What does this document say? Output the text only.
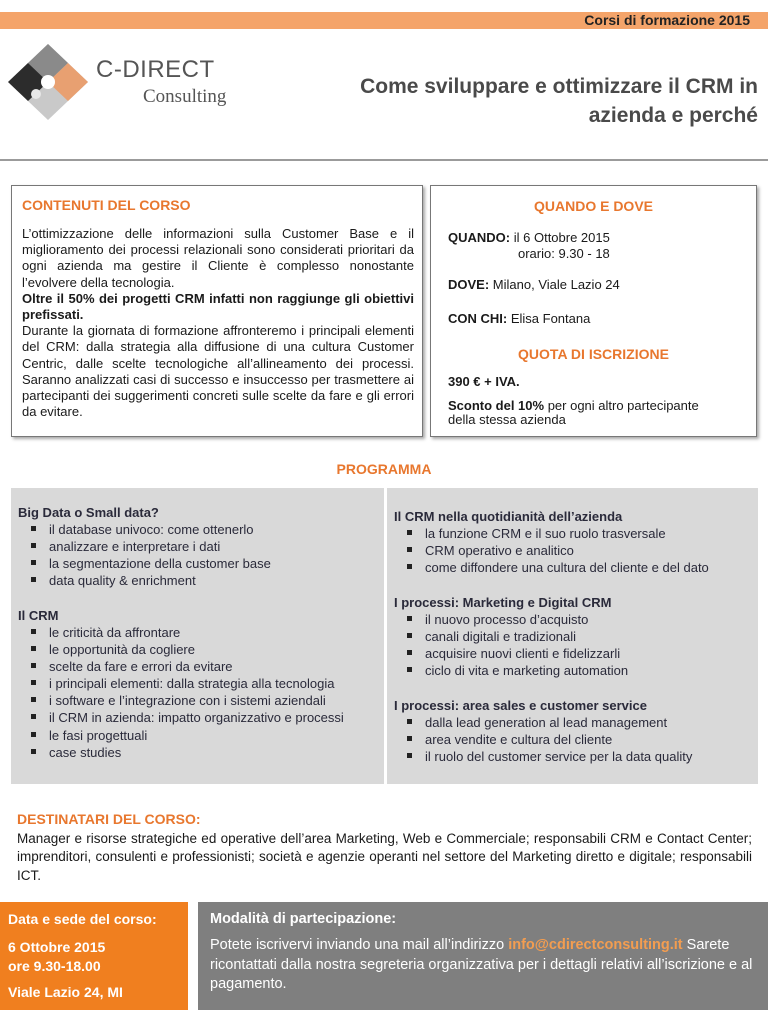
Corsi di formazione 2015
C-DIRECT
Consulting	Come sviluppare e ottimizzare il CRM in
azienda e perché
CONTENUTI DEL CORSO

L’ottimizzazione delle informazioni sulla Customer Base e il miglioramento dei processi relazionali sono considerati prioritari da ogni azienda ma gestire il Cliente è complesso nonostante l’evolvere della tecnologia.

Oltre il 50% dei progetti CRM infatti non raggiunge gli obiettivi prefissati.

Durante la giornata di formazione affronteremo i principali elementi del CRM: dalla strategia alla diffusione di una cultura Customer Centric, dalle scelte tecnologiche all’allineamento dei processi. Saranno analizzati casi di successo e insuccesso per trasmettere ai partecipanti dei suggerimenti concreti sulle scelte da fare e gli errori da evitare.

QUANDO E DOVE
QUANDO: il 6 Ottobre 2015
orario: 9.30 - 18
DOVE: Milano, Viale Lazio 24
CON CHI: Elisa Fontana
QUOTA DI ISCRIZIONE
390 € + IVA.
Sconto del 10% per ogni altro partecipante
della stessa azienda
PROGRAMMA
Big Data o Small data?
il database univoco: come ottenerlo
analizzare e interpretare i dati
la segmentazione della customer base
data quality & enrichment
Il CRM
le criticità da affrontare
le opportunità da cogliere
scelte da fare e errori da evitare
i principali elementi: dalla strategia alla tecnologia
i software e l’integrazione con i sistemi aziendali
il CRM in azienda: impatto organizzativo e processi
le fasi progettuali
case studies
Il CRM nella quotidianità dell’azienda
la funzione CRM e il suo ruolo trasversale
CRM operativo e analitico
come diffondere una cultura del cliente e del dato
I processi: Marketing e Digital CRM
il nuovo processo d’acquisto
canali digitali e tradizionali
acquisire nuovi clienti e fidelizzarli
ciclo di vita e marketing automation
I processi: area sales e customer service
dalla lead generation al lead management
area vendite e cultura del cliente
il ruolo del customer service per la data quality
DESTINATARI DEL CORSO:
Manager e risorse strategiche ed operative dell’area Marketing, Web e Commerciale; responsabili CRM e Contact Center; imprenditori, consulenti e professionisti; società e agenzie operanti nel settore del Marketing diretto e digitale; responsabili ICT.
Data e sede del corso:
6 Ottobre 2015
ore 9.30-18.00
Viale Lazio 24, MI
Modalità di partecipazione:
Potete iscrivervi inviando una mail all’indirizzo info@cdirectconsulting.it Sarete ricontattati dalla nostra segreteria organizzativa per i dettagli relativi all’iscrizione e al pagamento.
